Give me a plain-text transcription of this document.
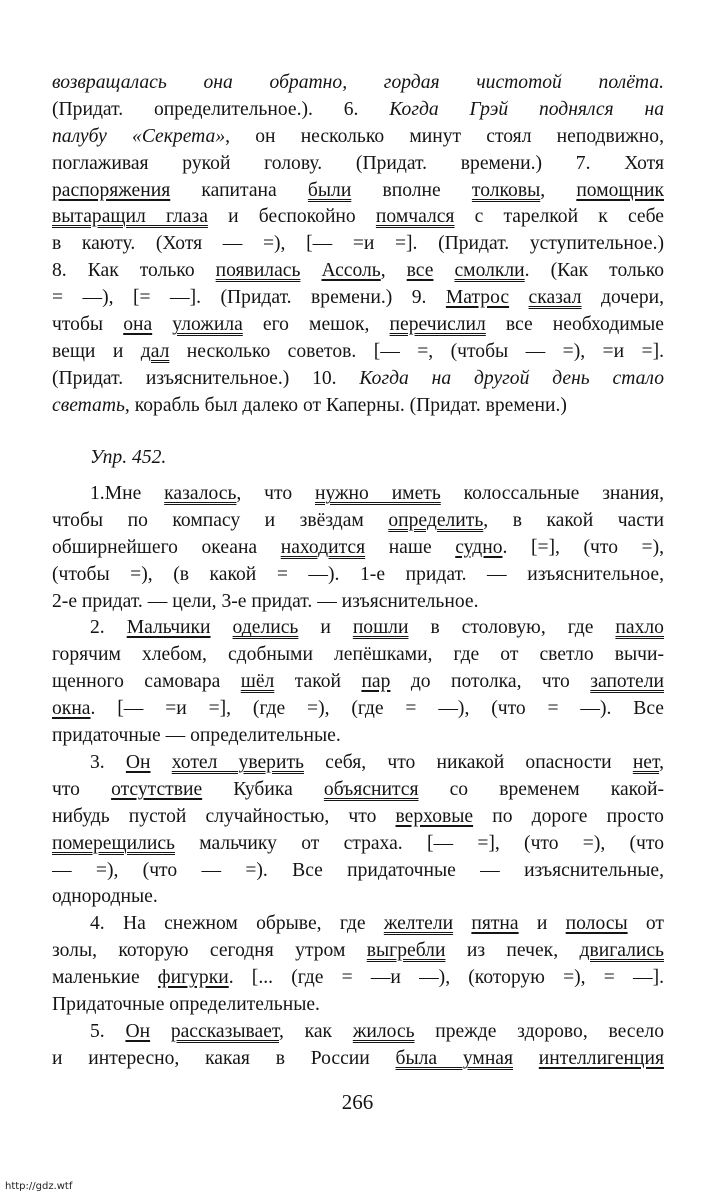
возвращалась она обратно, гордая чистотой полёта.
(Придат. определительное.). 6. Когда Грэй поднялся на
палубу «Секрета», он несколько минут стоял неподвижно,
поглаживая рукой голову. (Придат. времени.) 7. Хотя
распоряжения капитана были вполне толковы, помощник
вытаращил глаза и беспокойно помчался с тарелкой к себе
в каюту. (Хотя — =), [— =и =]. (Придат. уступительное.)
8. Как только появилась Ассоль, все смолкли. (Как только
= —), [= —]. (Придат. времени.) 9. Матрос сказал дочери,
чтобы она уложила его мешок, перечислил все необходимые
вещи и дал несколько советов. [— =, (чтобы — =), =и =].
(Придат. изъяснительное.) 10. Когда на другой день стало
светать, корабль был далеко от Каперны. (Придат. времени.)
Упр. 452.
1.Мне казалось, что нужно иметь колоссальные знания,
чтобы по компасу и звёздам определить, в какой части
обширнейшего океана находится наше судно. [=], (что =),
(чтобы =), (в какой = —). 1-е придат. — изъяснительное,
2-е придат. — цели, 3-е придат. — изъяснительное.
2. Мальчики оделись и пошли в столовую, где пахло
горячим хлебом, сдобными лепёшками, где от светло вычи-
щенного самовара шёл такой пар до потолка, что запотели
окна. [— =и =], (где =), (где = —), (что = —). Все
придаточные — определительные.
3. Он хотел уверить себя, что никакой опасности нет,
что отсутствие Кубика объяснится со временем какой-
нибудь пустой случайностью, что верховые по дороге просто
померещились мальчику от страха. [— =], (что =), (что
— =), (что — =). Все придаточные — изъяснительные,
однородные.
4. На снежном обрыве, где желтели пятна и полосы от
золы, которую сегодня утром выгребли из печек, двигались
маленькие фигурки. [... (где = —и —), (которую =), = —].
Придаточные определительные.
5. Он рассказывает, как жилось прежде здорово, весело
и интересно, какая в России была умная интеллигенция
266
http://gdz.wtf
